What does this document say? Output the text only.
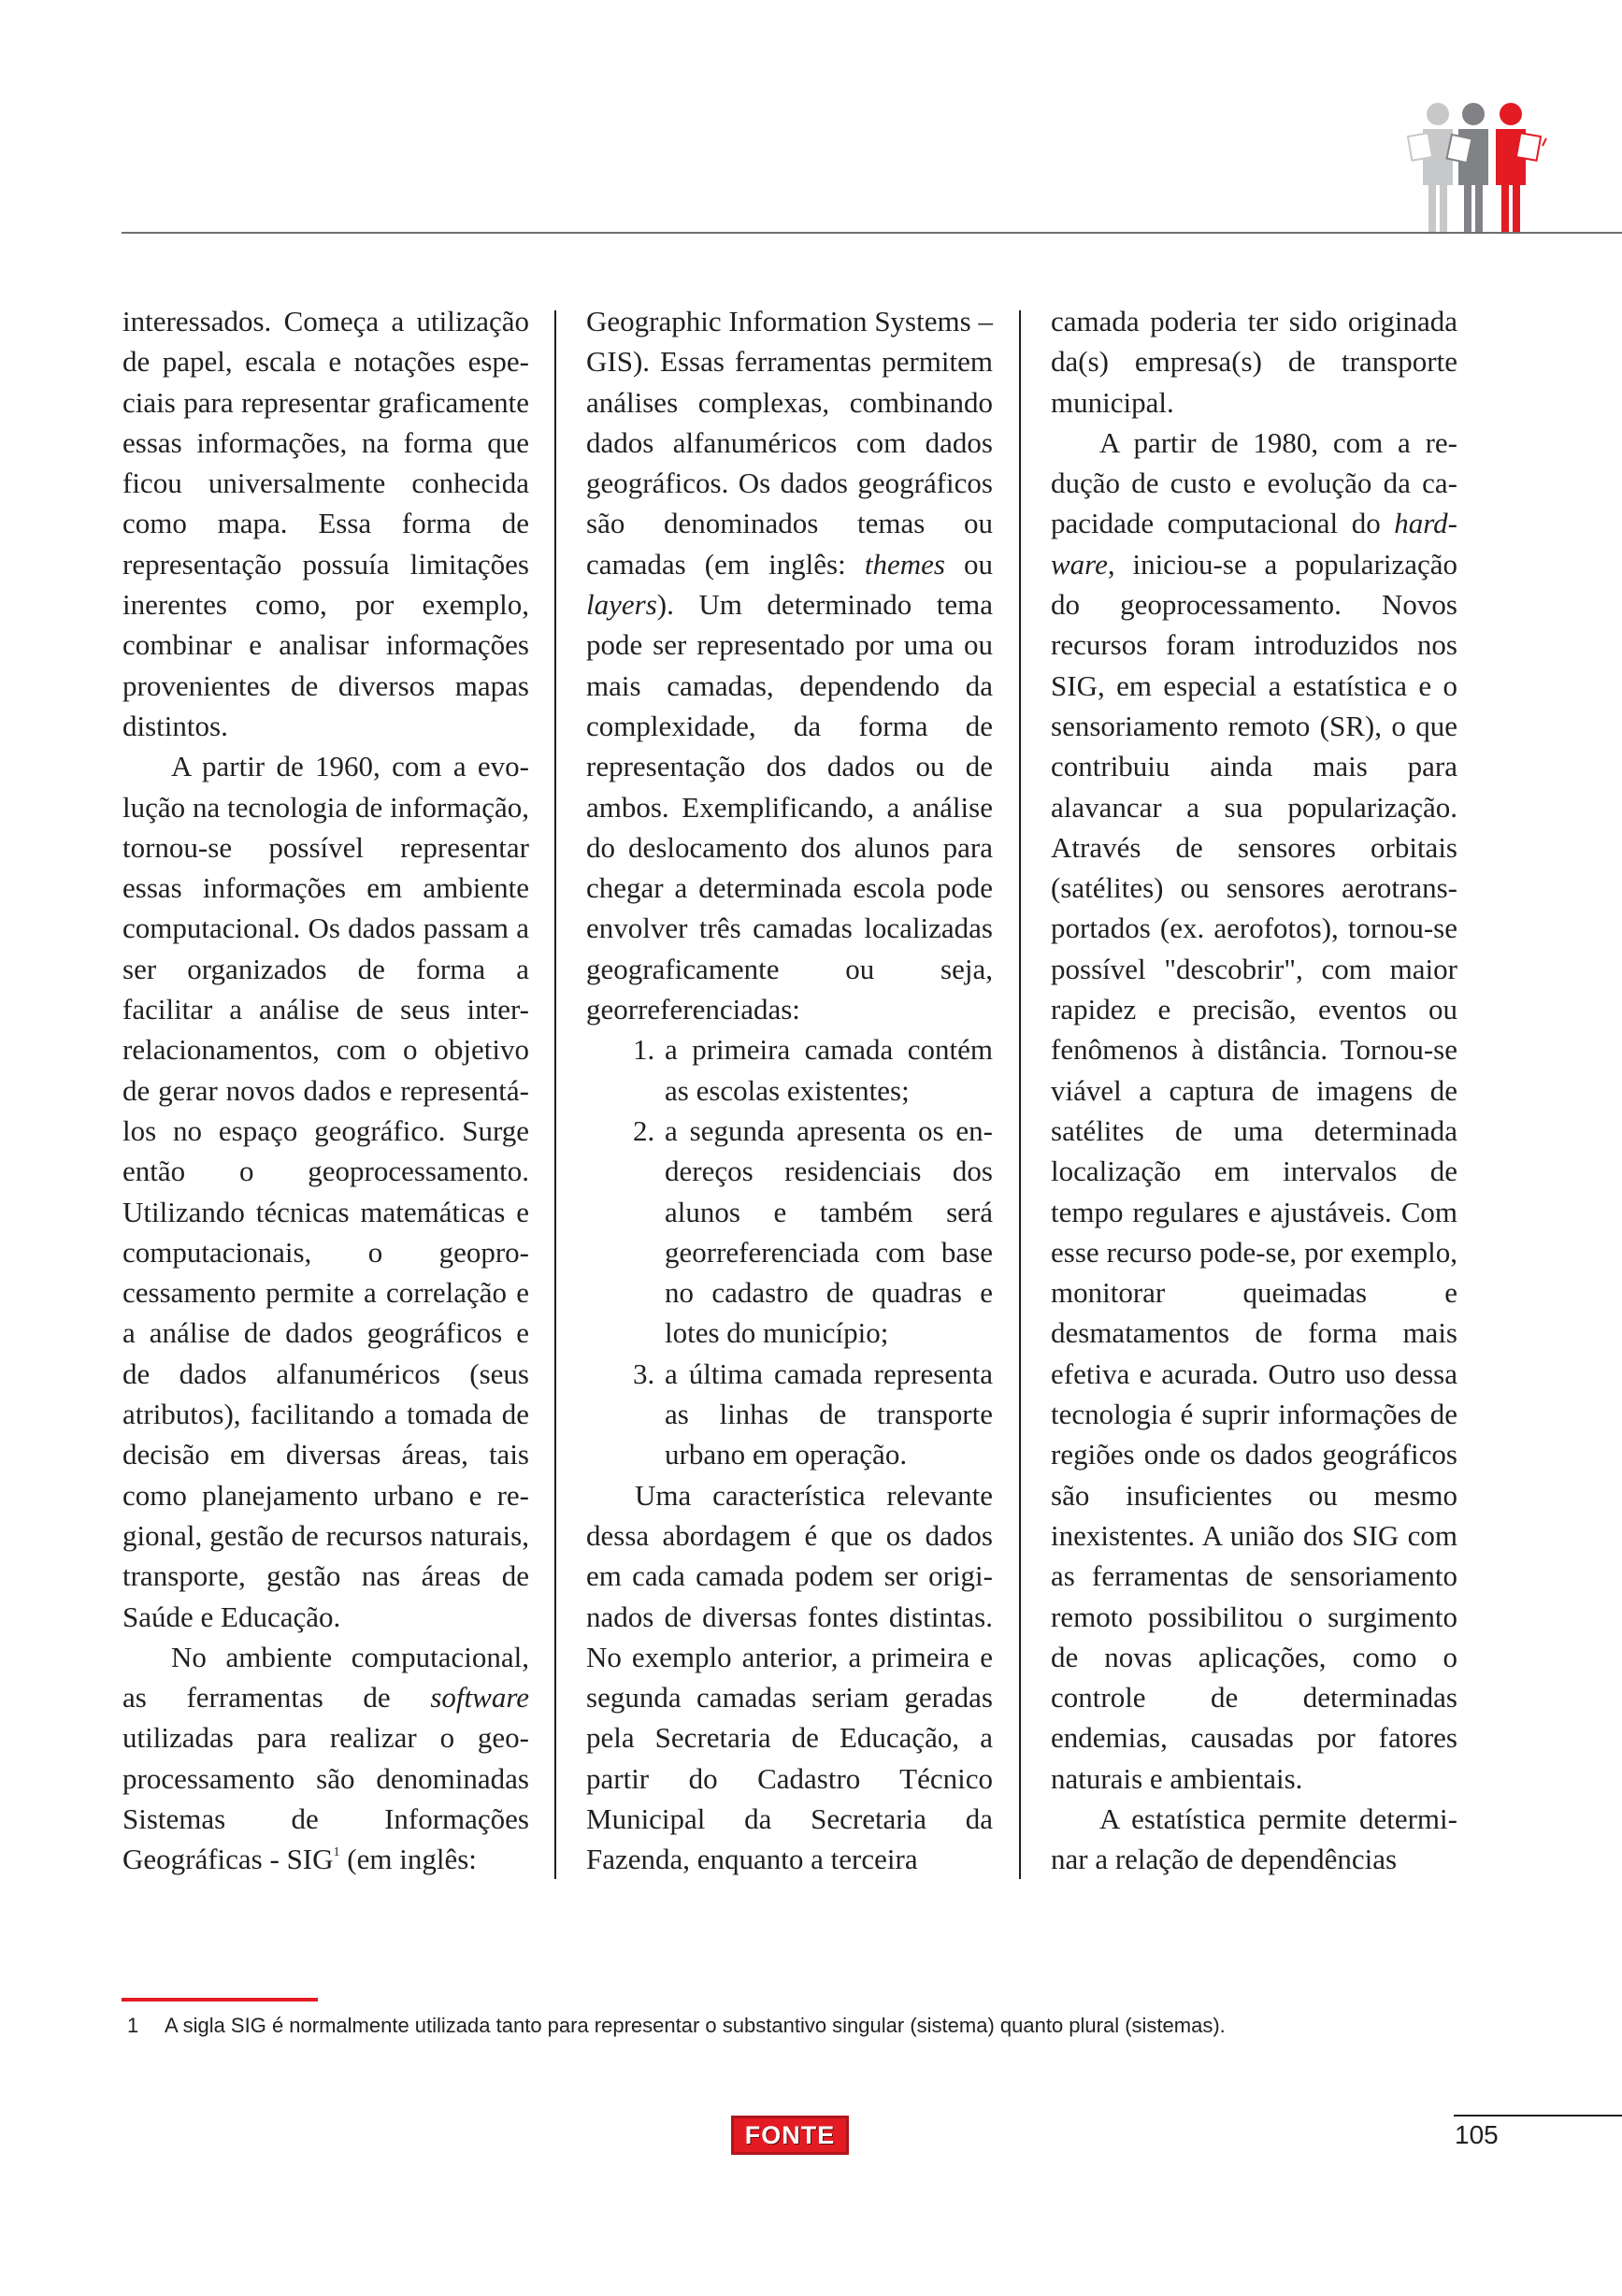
interessados. Começa a utilização de papel, escala e notações especiais para representar graficamente essas informações, na forma que ficou universalmente conhecida como mapa. Essa forma de representação possuía limitações inerentes como, por exemplo, combinar e analisar informações provenientes de diversos mapas distintos.

A partir de 1960, com a evolução na tecnologia de informação, tornou-se possível representar essas informações em ambiente computacional. Os dados passam a ser organizados de forma a facilitar a análise de seus inter-relacionamentos, com o objetivo de gerar novos dados e representá-los no espaço geográfico. Surge então o geoprocessamento. Utilizando técnicas matemáticas e computacionais, o geoprocessamento permite a correlação e a análise de dados geográficos e de dados alfanuméricos (seus atributos), facilitando a tomada de decisão em diversas áreas, tais como planejamento urbano e regional, gestão de recursos naturais, transporte, gestão nas áreas de Saúde e Educação.

No ambiente computacional, as ferramentas de software utilizadas para realizar o geoprocessamento são denominadas Sistemas de Informações Geográficas - SIG$^1$ (em inglês:

Geographic Information Systems – GIS). Essas ferramentas permitem análises complexas, combinando dados alfanuméricos com dados geográficos. Os dados geográficos são denominados temas ou camadas (em inglês: themes ou layers). Um determinado tema pode ser representado por uma ou mais camadas, dependendo da complexidade, da forma de representação dos dados ou de ambos. Exemplificando, a análise do deslocamento dos alunos para chegar a determinada escola pode envolver três camadas localizadas geograficamente ou seja, georreferenciadas:

1. a primeira camada contém as escolas existentes;
2. a segunda apresenta os endereços residenciais dos alunos e também será georreferenciada com base no cadastro de quadras e lotes do município;
3. a última camada representa as linhas de transporte urbano em operação.

Uma característica relevante dessa abordagem é que os dados em cada camada podem ser originados de diversas fontes distintas. No exemplo anterior, a primeira e segunda camadas seriam geradas pela Secretaria de Educação, a partir do Cadastro Técnico Municipal da Secretaria da Fazenda, enquanto a terceira

camada poderia ter sido originada da(s) empresa(s) de transporte municipal.

A partir de 1980, com a redução de custo e evolução da capacidade computacional do hardware, iniciou-se a popularização do geoprocessamento. Novos recursos foram introduzidos nos SIG, em especial a estatística e o sensoriamento remoto (SR), o que contribuiu ainda mais para alavancar a sua popularização. Através de sensores orbitais (satélites) ou sensores aerotransportados (ex. aerofotos), tornou-se possível "descobrir", com maior rapidez e precisão, eventos ou fenômenos à distância. Tornou-se viável a captura de imagens de satélites de uma determinada localização em intervalos de tempo regulares e ajustáveis. Com esse recurso pode-se, por exemplo, monitorar queimadas e desmatamentos de forma mais efetiva e acurada. Outro uso dessa tecnologia é suprir informações de regiões onde os dados geográficos são insuficientes ou mesmo inexistentes. A união dos SIG com as ferramentas de sensoriamento remoto possibilitou o surgimento de novas aplicações, como o controle de determinadas endemias, causadas por fatores naturais e ambientais.

A estatística permite determinar a relação de dependências

1 A sigla SIG é normalmente utilizada tanto para representar o substantivo singular (sistema) quanto plural (sistemas).
FONTE	105
